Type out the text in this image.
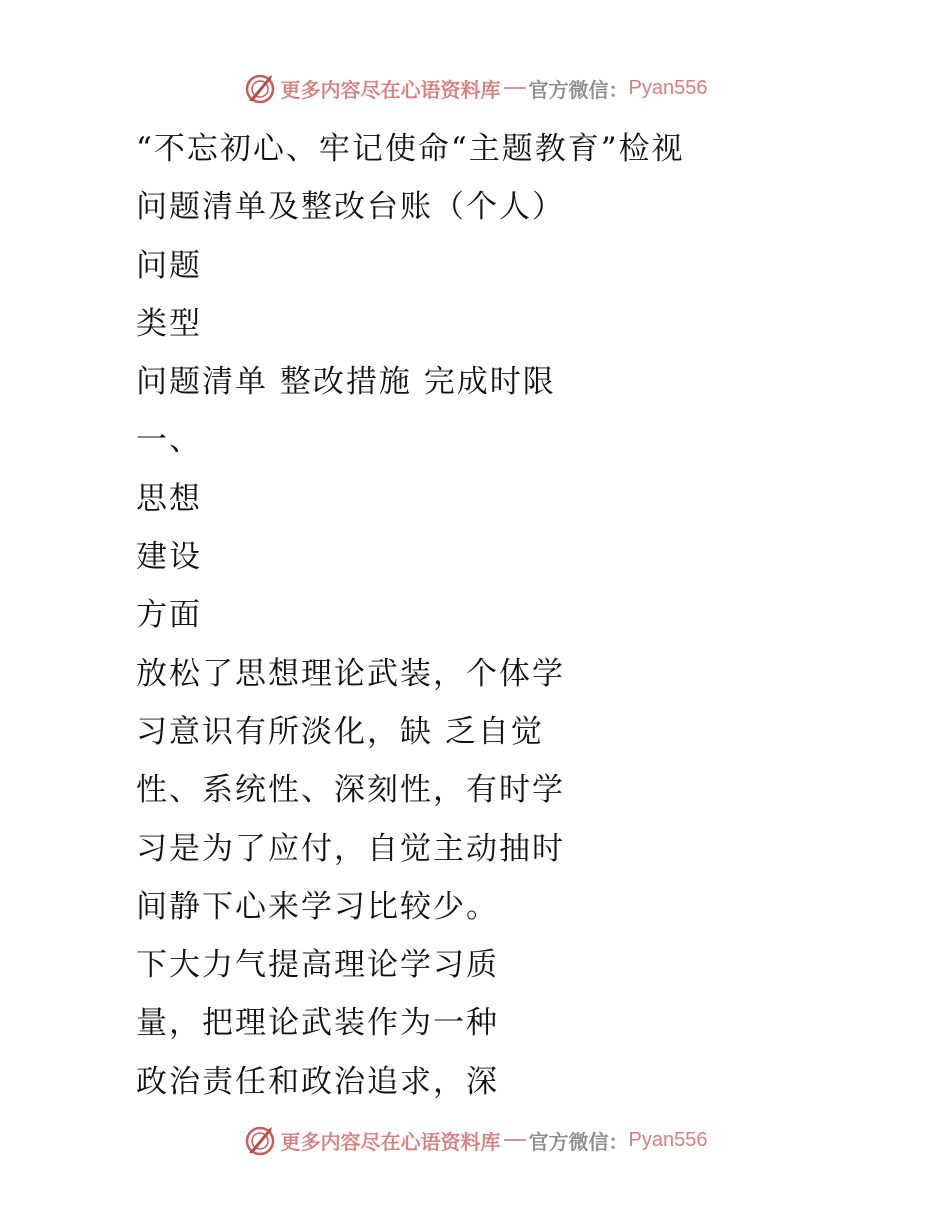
更多内容尽在心语资料库 官方微信： Pyan556
“不忘初心、牢记使命“主题教育”检视
问题清单及整改台账（个人）
问题
类型
问题清单 整改措施 完成时限
一、
思想
建设
方面
放松了思想理论武装，个体学
习意识有所淡化，缺 乏自觉
性、系统性、深刻性，有时学
习是为了应付，自觉主动抽时
间静下心来学习比较少。
下大力气提高理论学习质
量，把理论武装作为一种
政治责任和政治追求，深
更多内容尽在心语资料库 官方微信： Pyan556
